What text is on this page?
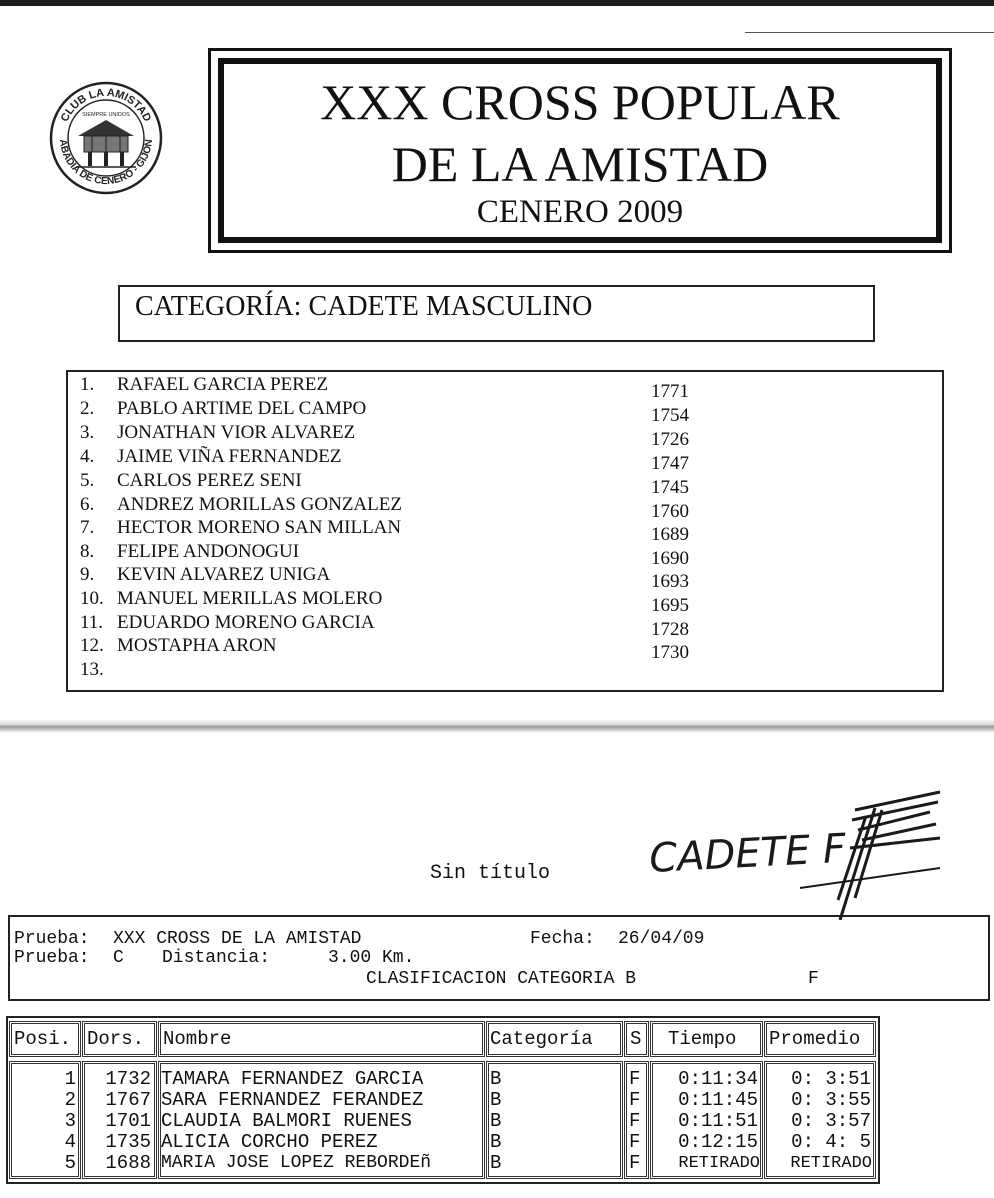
CLUB LA AMISTAD
ABADIA DE CENERO - GIJON
SIEMPRE UNIDOS	XXX CROSS POPULAR
DE LA AMISTAD
CENERO 2009
CATEGORÍA: CADETE MASCULINO
1. RAFAEL GARCIA PEREZ	1771
2. PABLO ARTIME DEL CAMPO	1754
3. JONATHAN VIOR ALVAREZ	1726
4. JAIME VIÑA FERNANDEZ	1747
5. CARLOS PEREZ SENI	1745
6. ANDREZ MORILLAS GONZALEZ	1760
7. HECTOR MORENO SAN MILLAN	1689
8. FELIPE ANDONOGUI	1690
9. KEVIN ALVAREZ UNIGA	1693
10. MANUEL MERILLAS MOLERO	1695
11. EDUARDO MORENO GARCIA	1728
12. MOSTAPHA ARON	1730
13.
Sin título CADETE F
Prueba: XXX CROSS DE LA AMISTAD	Fecha: 26/04/09
Prueba: C Distancia:	3.00 Km.
CLASIFICACION CATEGORIA B	F
Posi. Dors. Nombre	Categoría S Tiempo Promedio
1	1732 TAMARA FERNANDEZ GARCIA	B	F	0:11:34	0: 3:51
2	1767 SARA FERNANDEZ FERANDEZ	B	F	0:11:45	0: 3:55
3	1701 CLAUDIA BALMORI RUENES	B	F	0:11:51	0: 3:57
4	1735 ALICIA CORCHO PEREZ	B	F	0:12:15	0: 4: 5
5	1688 MARIA JOSE LOPEZ REBORDEñ	B	F	RETIRADO	RETIRADO
